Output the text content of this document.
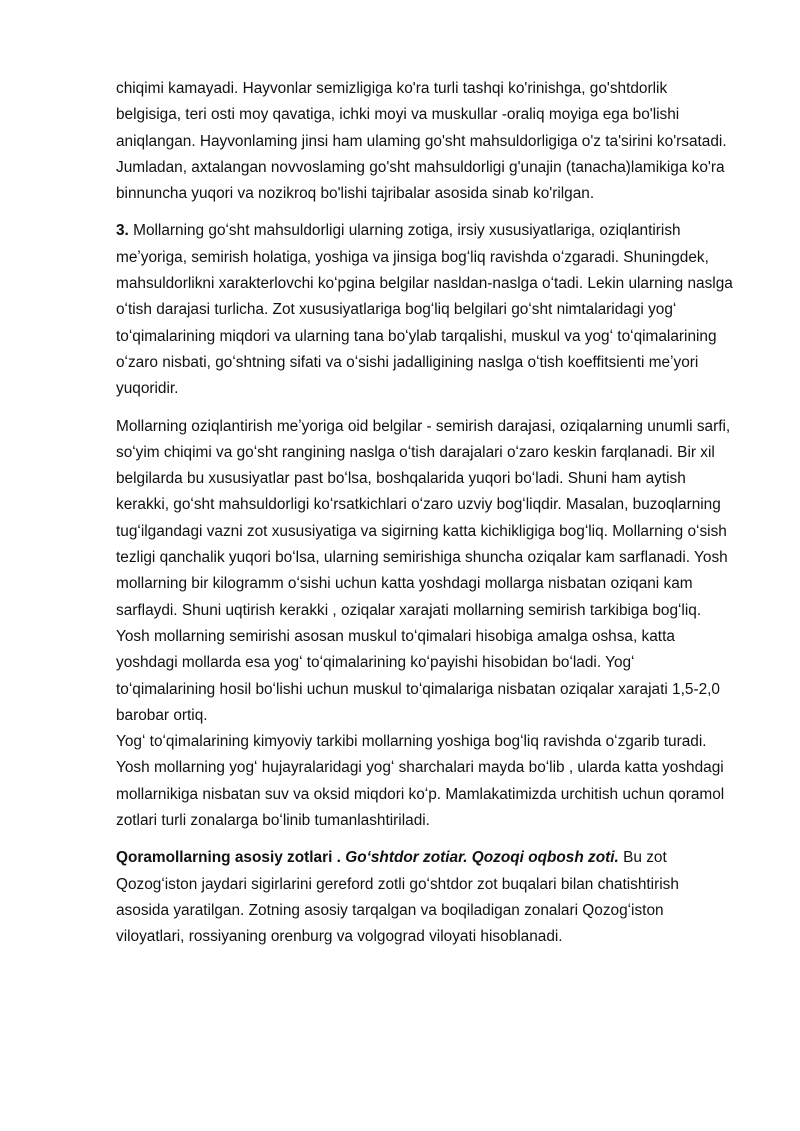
chiqimi kamayadi. Hayvonlar semizligiga ko'ra turli tashqi ko'rinishga, go'shtdorlik belgisiga, teri osti moy qavatiga, ichki moyi va muskullar -oraliq moyiga ega bo'lishi aniqlangan. Hayvonlaming jinsi ham ulaming go'sht mahsuldorligiga o'z ta'sirini ko'rsatadi. Jumladan, axtalangan novvoslaming go'sht mahsuldorligi g'unajin (tanacha)lamikiga ko'ra binnuncha yuqori va nozikroq bo'lishi tajribalar asosida sinab ko'rilgan.

3. Mollarning goʻsht mahsuldorligi ularning zotiga, irsiy xususiyatlariga, oziqlantirish meʼyoriga, semirish holatiga, yoshiga va jinsiga bogʻliq ravishda oʻzgaradi. Shuningdek, mahsuldorlikni xarakterlovchi koʻpgina belgilar nasldan-naslga oʻtadi. Lekin ularning naslga oʻtish darajasi turlicha. Zot xususiyatlariga bogʻliq belgilari goʻsht nimtalaridagi yogʻ toʻqimalarining miqdori va ularning tana boʻylab tarqalishi, muskul va yogʻ toʻqimalarining oʻzaro nisbati, goʻshtning sifati va oʻsishi jadalligining naslga oʻtish koeffitsienti meʼyori yuqoridir.

Mollarning oziqlantirish meʼyoriga oid belgilar - semirish darajasi, oziqalarning unumli sarfi, soʻyim chiqimi va goʻsht rangining naslga oʻtish darajalari oʻzaro keskin farqlanadi. Bir xil belgilarda bu xususiyatlar past boʻlsa, boshqalarida yuqori boʻladi. Shuni ham aytish kerakki, goʻsht mahsuldorligi koʻrsatkichlari oʻzaro uzviy bogʻliqdir. Masalan, buzoqlarning tugʻilgandagi vazni zot xususiyatiga va sigirning katta kichikligiga bogʻliq. Mollarning oʻsish tezligi qanchalik yuqori boʻlsa, ularning semirishiga shuncha oziqalar kam sarflanadi. Yosh mollarning bir kilogramm oʻsishi uchun katta yoshdagi mollarga nisbatan oziqani kam sarflaydi. Shuni uqtirish kerakki , oziqalar xarajati mollarning semirish tarkibiga bogʻliq. Yosh mollarning semirishi asosan muskul toʻqimalari hisobiga amalga oshsa, katta yoshdagi mollarda esa yogʻ toʻqimalarining koʻpayishi hisobidan boʻladi. Yogʻ toʻqimalarining hosil boʻlishi uchun muskul toʻqimalariga nisbatan oziqalar xarajati 1,5-2,0 barobar ortiq.

Yogʻ toʻqimalarining kimyoviy tarkibi mollarning yoshiga bogʻliq ravishda oʻzgarib turadi. Yosh mollarning yogʻ hujayralaridagi yogʻ sharchalari mayda boʻlib , ularda katta yoshdagi mollarnikiga nisbatan suv va oksid miqdori koʻp. Mamlakatimizda urchitish uchun qoramol zotlari turli zonalarga boʻlinib tumanlashtiriladi.

Qoramollarning asosiy zotlari . Goʻshtdor zotiar. Qozoqi oqbosh zoti. Bu zot Qozogʻiston jaydari sigirlarini gereford zotli goʻshtdor zot buqalari bilan chatishtirish asosida yaratilgan. Zotning asosiy tarqalgan va boqiladigan zonalari Qozogʻiston viloyatlari, rossiyaning orenburg va volgograd viloyati hisoblanadi.
